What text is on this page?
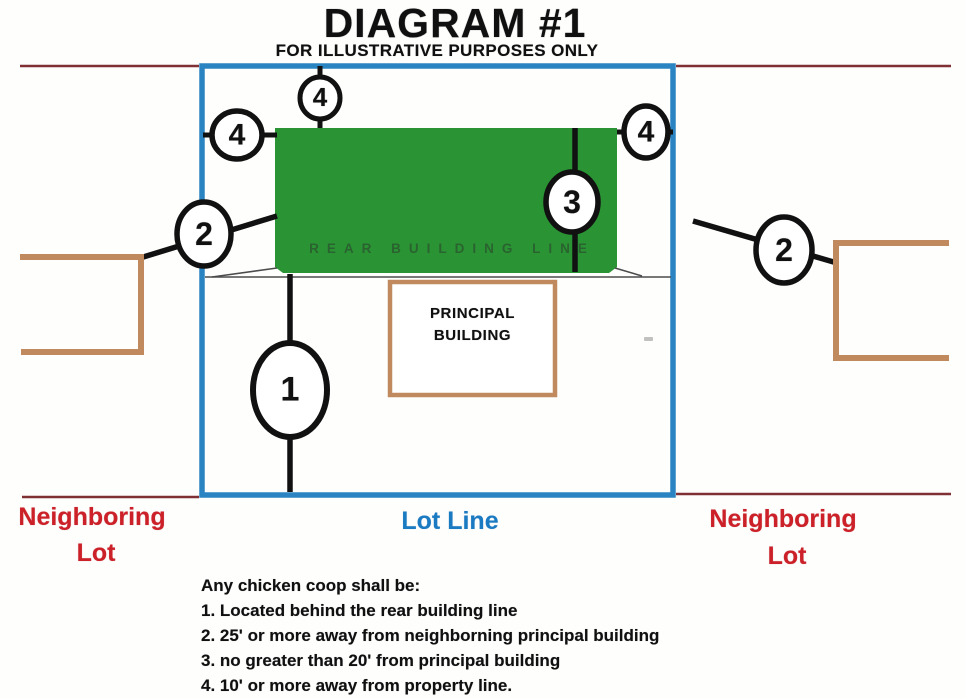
DIAGRAM #1
FOR ILLUSTRATIVE PURPOSES ONLY
REAR BUILDING LINE
PRINCIPAL
BUILDING
4
4	4
3
2	2
1
Neighboring
Lot
Lot Line	Neighboring
Lot
Any chicken coop shall be:
1. Located behind the rear building line
2. 25' or more away from neighborning principal building
3. no greater than 20' from principal building
4. 10' or more away from property line.
